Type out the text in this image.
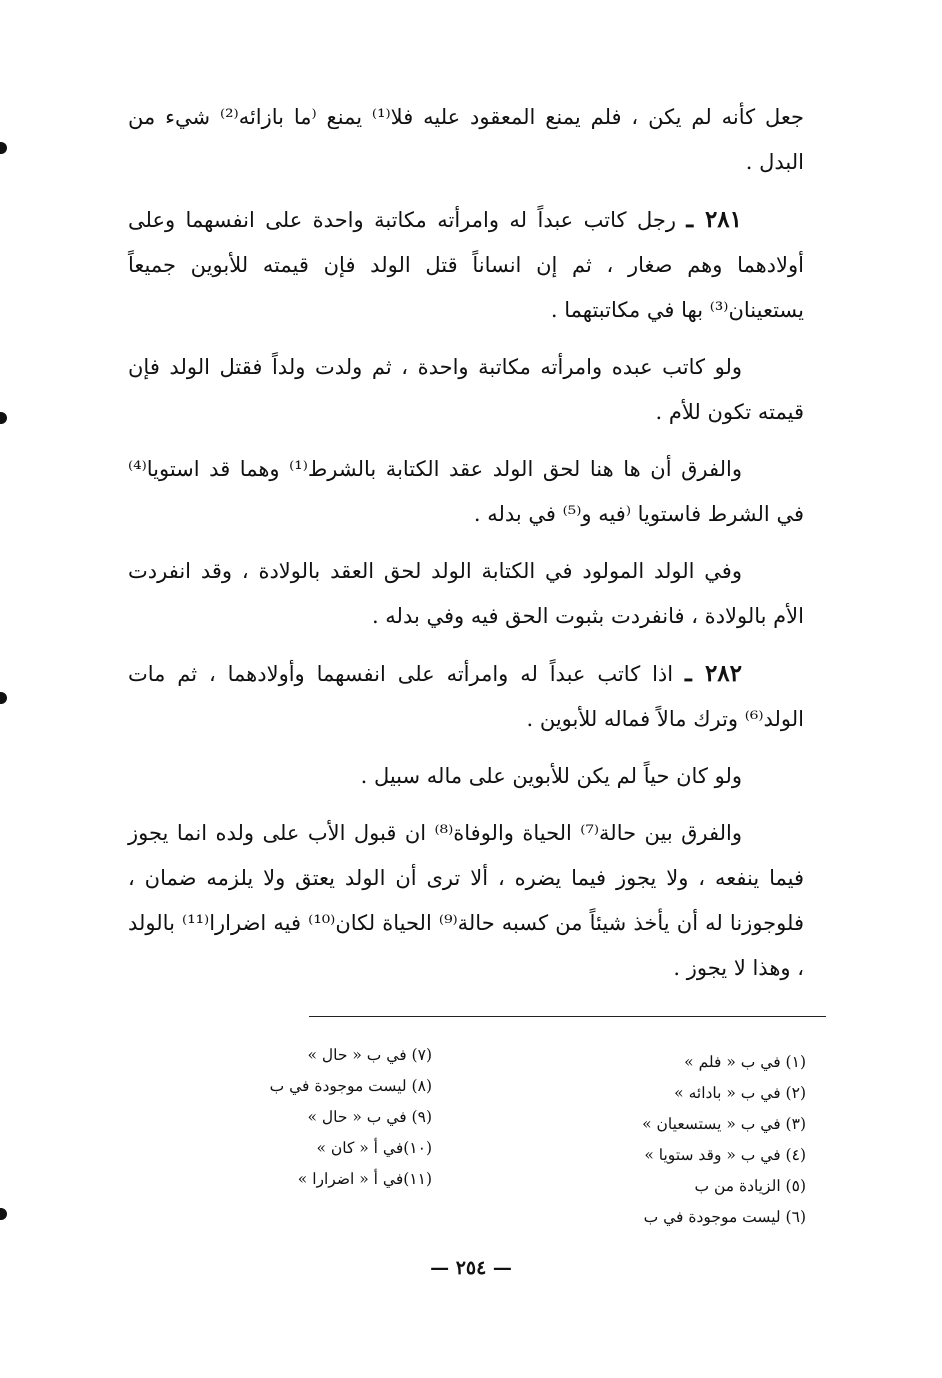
جعل كأنه لم يكن ، فلم يمنع المعقود عليه فلا⁽¹⁾ يمنع ⁽ما بازائه⁽²⁾ شيء من البدل .

٢٨١ ـ رجل كاتب عبداً له وامرأته مكاتبة واحدة على انفسهما وعلى أولادهما وهم صغار ، ثم إن انساناً قتل الولد فإن قيمته للأبوين جميعاً يستعينان⁽³⁾ بها في مكاتبتهما .

ولو كاتب عبده وامرأته مكاتبة واحدة ، ثم ولدت ولداً فقتل الولد فإن قيمته تكون للأم .

والفرق أن ها هنا لحق الولد عقد الكتابة بالشرط⁽¹⁾ وهما قد استويا⁽⁴⁾ في الشرط فاستويا ⁽فيه و⁽⁵⁾ في بدله .

وفي الولد المولود في الكتابة الولد لحق العقد بالولادة ، وقد انفردت الأم بالولادة ، فانفردت بثبوت الحق فيه وفي بدله .

٢٨٢ ـ اذا كاتب عبداً له وامرأته على انفسهما وأولادهما ، ثم مات الولد⁽⁶⁾ وترك مالاً فماله للأبوين .

ولو كان حياً لم يكن للأبوين على ماله سبيل .

والفرق بين حالة⁽⁷⁾ الحياة والوفاة⁽⁸⁾ ان قبول الأب على ولده انما يجوز فيما ينفعه ، ولا يجوز فيما يضره ، ألا ترى أن الولد يعتق ولا يلزمه ضمان ، فلوجوزنا له أن يأخذ شيئاً من كسبه حالة⁽⁹⁾ الحياة لكان⁽¹⁰⁾ فيه اضرارا⁽¹¹⁾ بالولد ، وهذا لا يجوز .

(١) في ب « فلم »
(٢) في ب « بادائه »
(٣) في ب « يستسعيان »
(٤) في ب « وقد ستويا »
(٥) الزيادة من ب
(٦) ليست موجودة في ب
(٧) في ب « حال »
(٨) ليست موجودة في ب
(٩) في ب « حال »
(١٠)في أ « كان »
(١١)في أ « اضرارا »
— ٢٥٤ —
